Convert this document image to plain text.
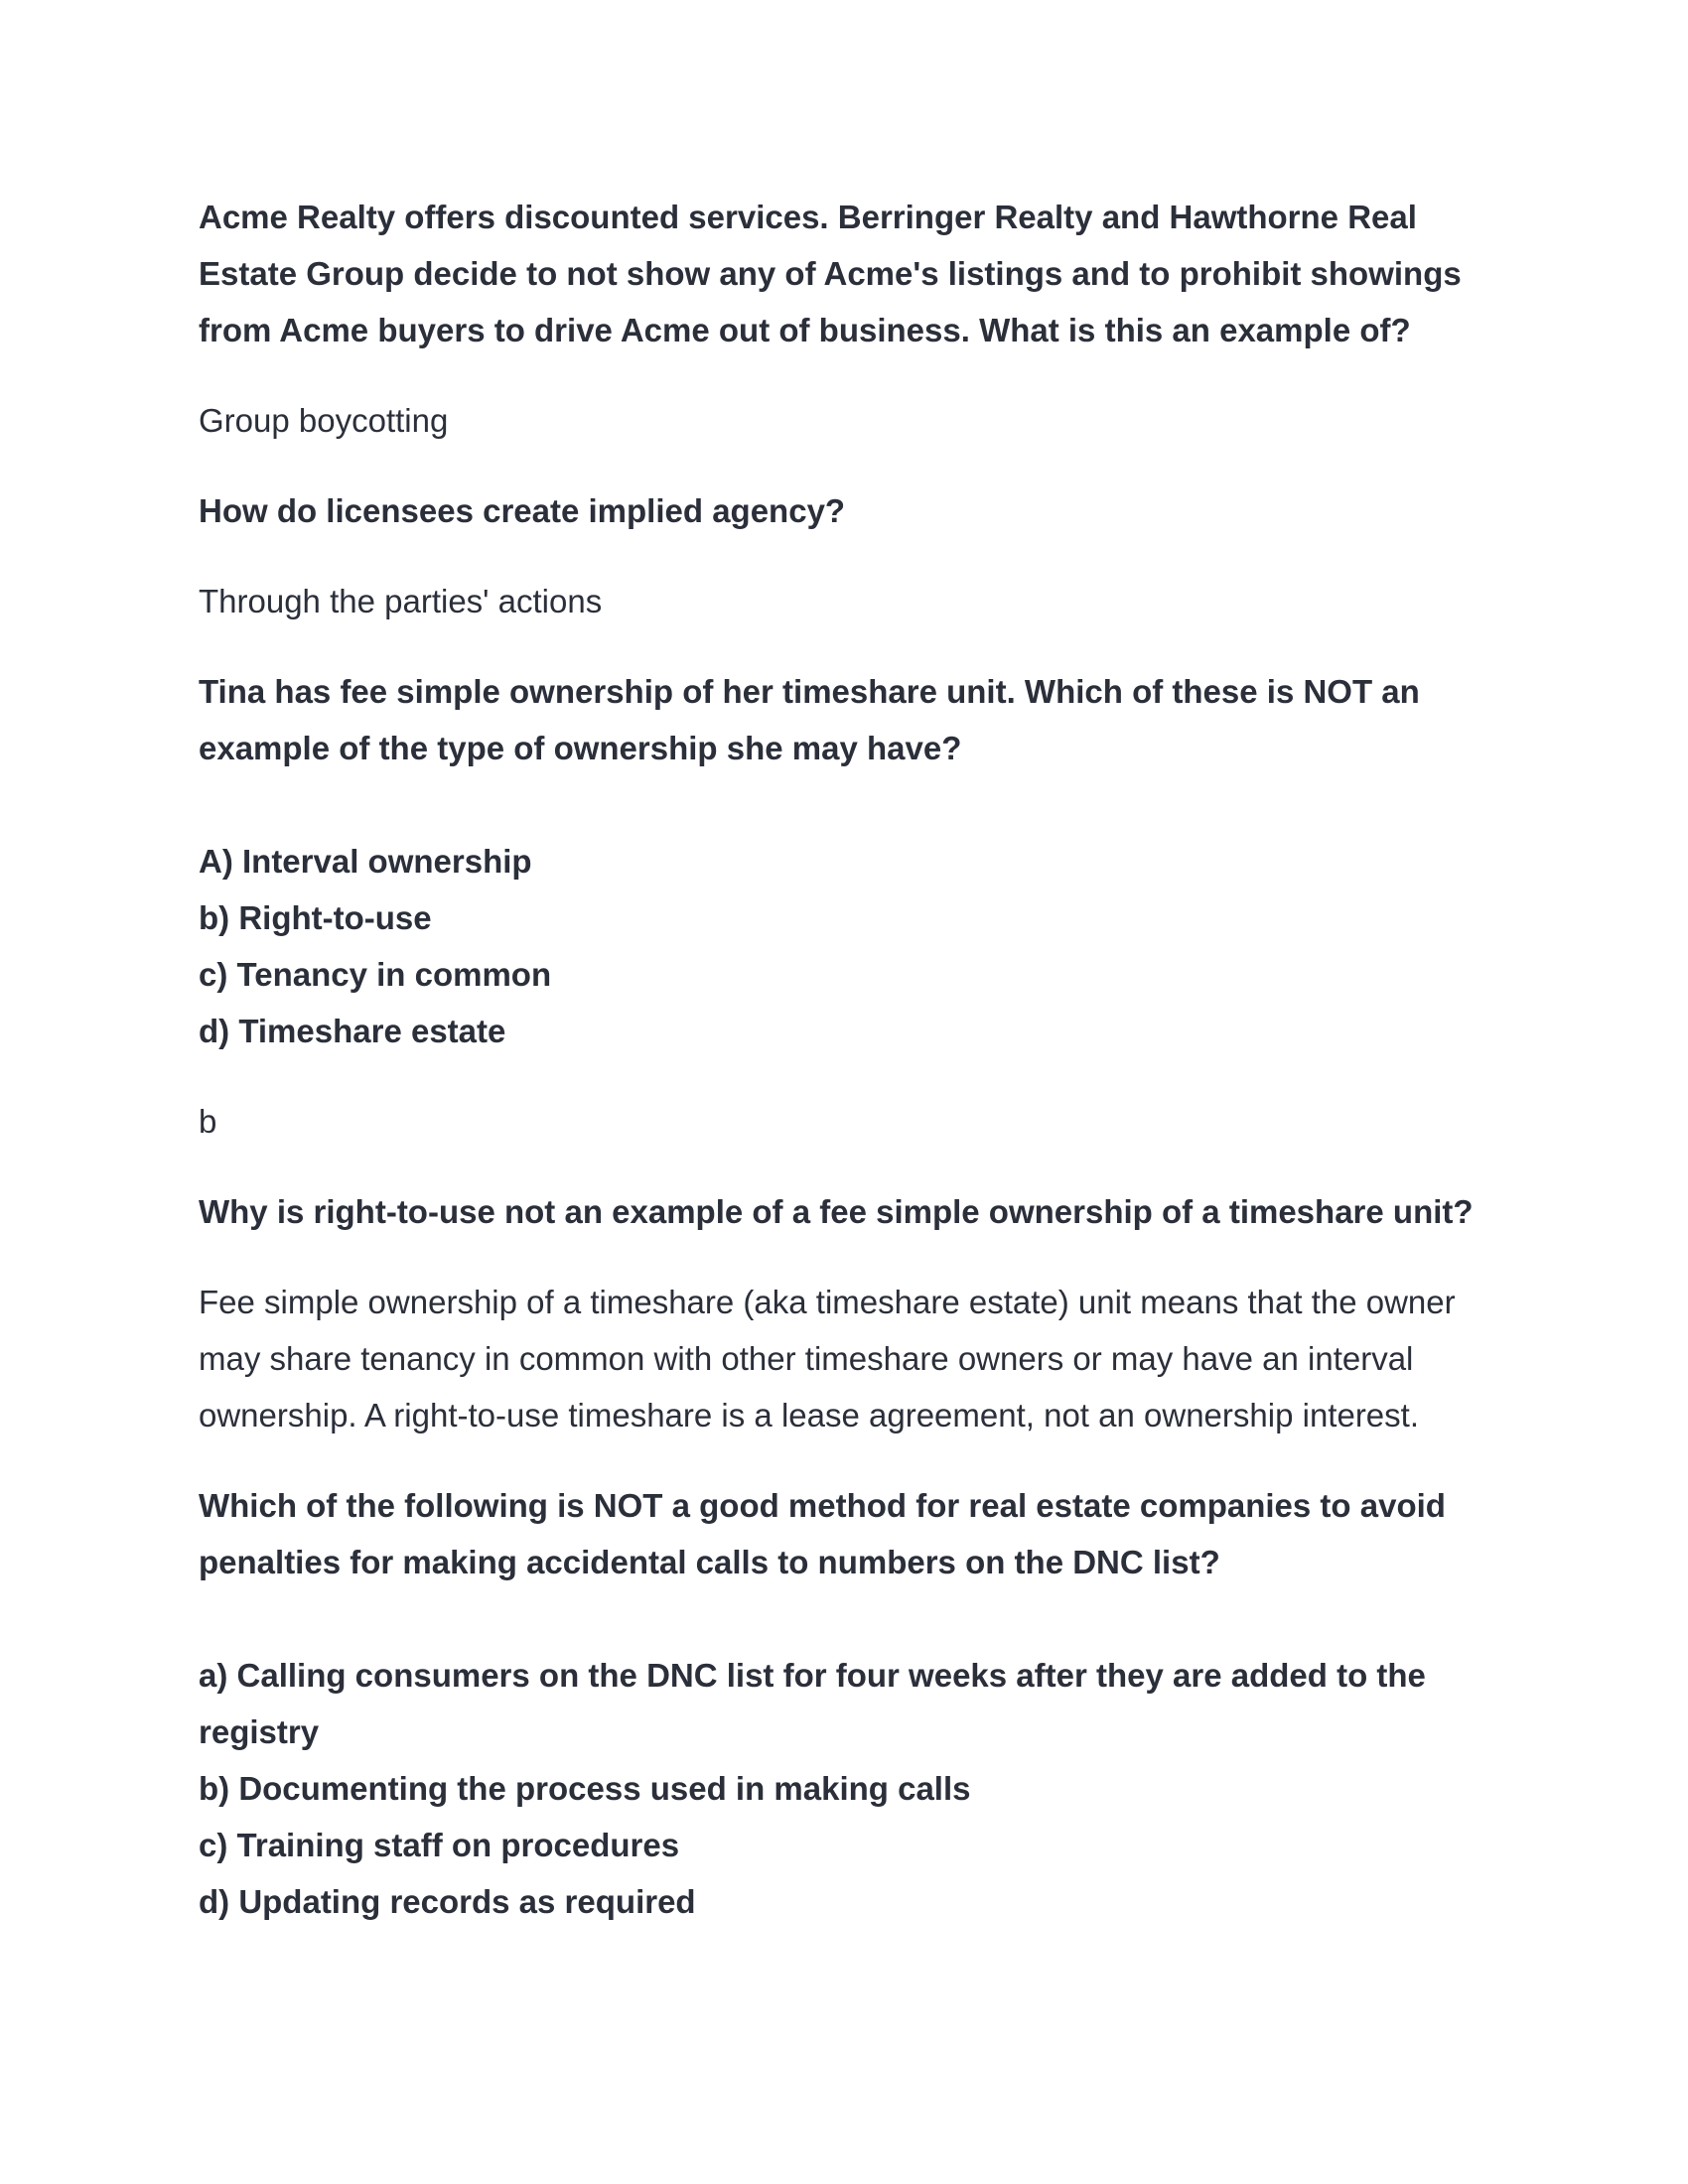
Acme Realty offers discounted services. Berringer Realty and Hawthorne Real Estate Group decide to not show any of Acme's listings and to prohibit showings from Acme buyers to drive Acme out of business. What is this an example of?

Group boycotting

How do licensees create implied agency?

Through the parties' actions

Tina has fee simple ownership of her timeshare unit. Which of these is NOT an example of the type of ownership she may have?

A) Interval ownership
b) Right-to-use
c) Tenancy in common
d) Timeshare estate

b

Why is right-to-use not an example of a fee simple ownership of a timeshare unit?

Fee simple ownership of a timeshare (aka timeshare estate) unit means that the owner may share tenancy in common with other timeshare owners or may have an interval ownership. A right-to-use timeshare is a lease agreement, not an ownership interest.

Which of the following is NOT a good method for real estate companies to avoid penalties for making accidental calls to numbers on the DNC list?

a) Calling consumers on the DNC list for four weeks after they are added to the registry
b) Documenting the process used in making calls
c) Training staff on procedures
d) Updating records as required
